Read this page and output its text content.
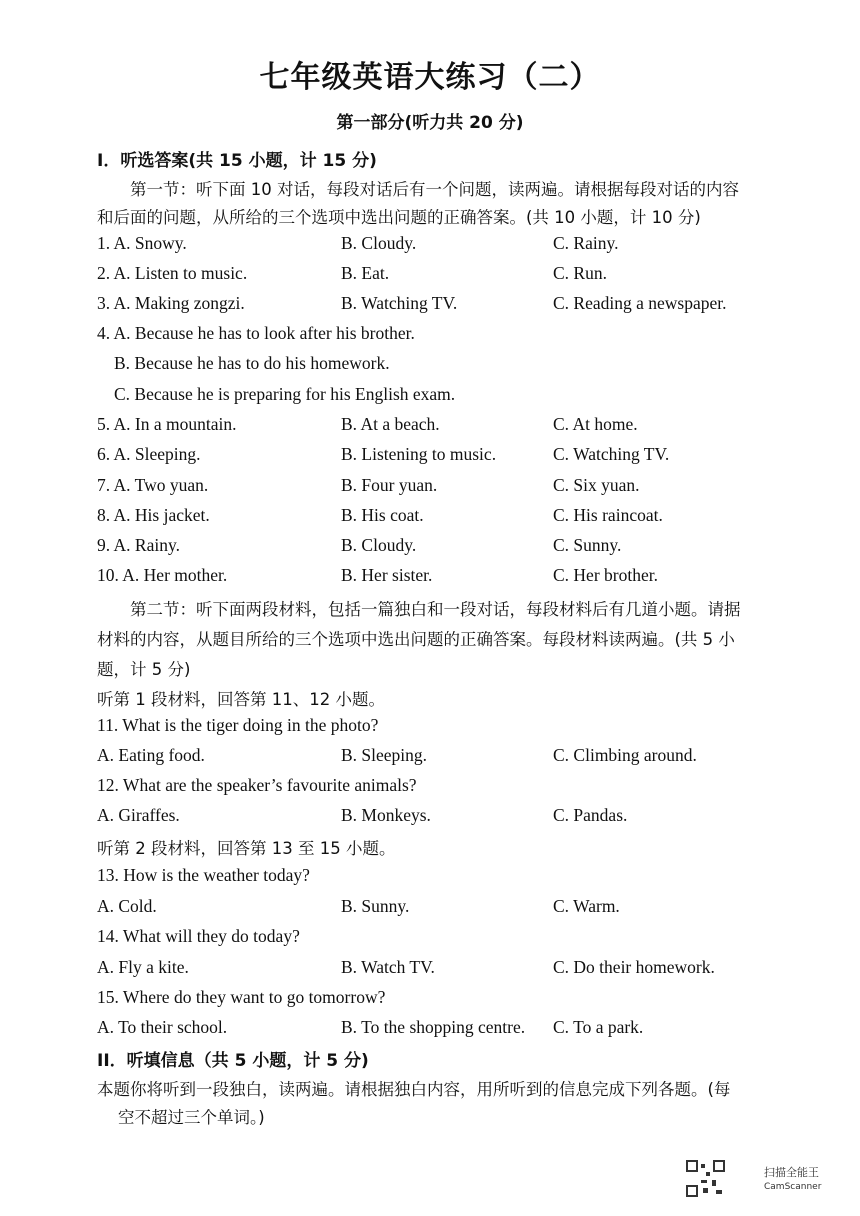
七年级英语大练习（二）
第一部分(听力共 20 分)
I．听选答案(共 15 小题，计 15 分)
第一节：听下面 10 对话，每段对话后有一个问题，读两遍。请根据每段对话的内容
和后面的问题，从所给的三个选项中选出问题的正确答案。(共 10 小题，计 10 分)
1. A. Snowy.	B. Cloudy.	C. Rainy.
2. A. Listen to music.	B. Eat.	C. Run.
3. A. Making zongzi.	B. Watching TV.	C. Reading a newspaper.
4. A. Because he has to look after his brother.
B. Because he has to do his homework.
C. Because he is preparing for his English exam.
5. A. In a mountain.	B. At a beach.	C. At home.
6. A. Sleeping.	B. Listening to music.	C. Watching TV.
7. A. Two yuan.	B. Four yuan.	C. Six yuan.
8. A. His jacket.	B. His coat.	C. His raincoat.
9. A. Rainy.	B. Cloudy.	C. Sunny.
10. A. Her mother.	B. Her sister.	C. Her brother.
第二节：听下面两段材料，包括一篇独白和一段对话，每段材料后有几道小题。请据
材料的内容，从题目所给的三个选项中选出问题的正确答案。每段材料读两遍。(共 5 小
题，计 5 分)
听第 1 段材料，回答第 11、12 小题。
11. What is the tiger doing in the photo?
A. Eating food.	B. Sleeping.	C. Climbing around.
12. What are the speaker’s favourite animals?
A. Giraffes.	B. Monkeys.	C. Pandas.
听第 2 段材料，回答第 13 至 15 小题。
13. How is the weather today?
A. Cold.	B. Sunny.	C. Warm.
14. What will they do today?
A. Fly a kite.	B. Watch TV.	C. Do their homework.
15. Where do they want to go tomorrow?
A. To their school.	B. To the shopping centre. C. To a park.
II．听填信息（共 5 小题，计 5 分)
本题你将听到一段独白，读两遍。请根据独白内容，用所听到的信息完成下列各题。(每
空不超过三个单词。)
扫描全能王
CamScanner
